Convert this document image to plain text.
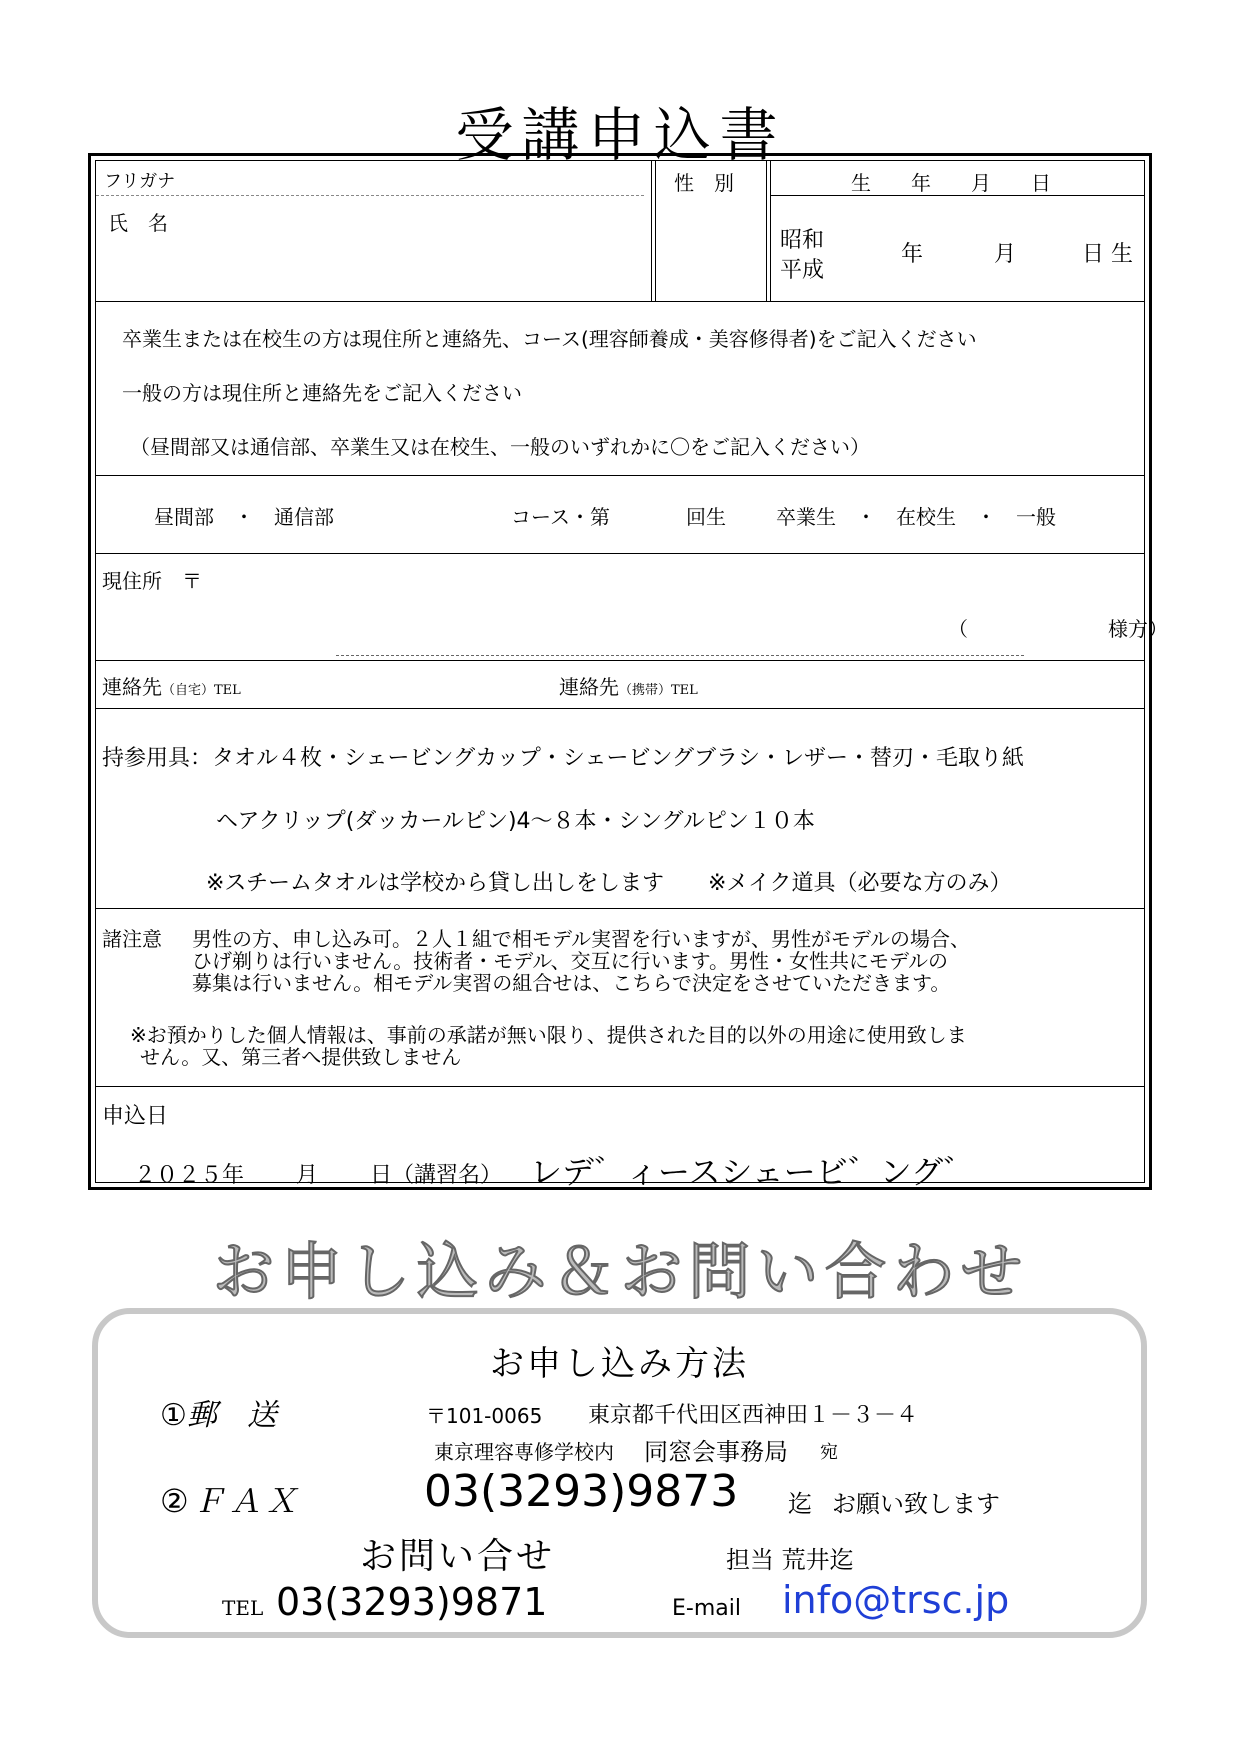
受講申込書
フリガナ
氏　名
性　別	生　　年　　月　　日
昭和
平成
年	月	日 生
卒業生または在校生の方は現住所と連絡先、コース(理容師養成・美容修得者)をご記入ください
一般の方は現住所と連絡先をご記入ください
（昼間部又は通信部、卒業生又は在校生、一般のいずれかに〇をご記入ください）
昼間部　・　通信部	コース・第	回生	卒業生　・　在校生　・　一般
現住所　〒
（　　　　　　　様方）
連絡先（自宅）TEL	連絡先（携帯）TEL
持参用具：タオル４枚・シェービングカップ・シェービングブラシ・レザー・替刃・毛取り紙
ヘアクリップ(ダッカールピン)4～８本・シングルピン１０本
※スチームタオルは学校から貸し出しをします　　※メイク道具（必要な方のみ）
諸注意 男性の方、申し込み可。２人１組で相モデル実習を行いますが、男性がモデルの場合、
ひげ剃りは行いません。技術者・モデル、交互に行います。男性・女性共にモデルの
募集は行いません。相モデル実習の組合せは、こちらで決定をさせていただきます。
※お預かりした個人情報は、事前の承諾が無い限り、提供された目的以外の用途に使用致しま
せん。又、第三者へ提供致しません
申込日
２０２５年 月 日（講習名） レデ゛ィースシェービ゛ング゛
お申し込み＆お問い合わせ
お申し込み方法
①郵　送	〒101-0065 東京都千代田区西神田１－３－４
東京理容専修学校内 同窓会事務局 宛
②ＦＡＸ	03(3293)9873 迄 お願い致します
お問い合せ	担当 荒井迄
TEL 03(3293)9871	E-mail info@trsc.jp
